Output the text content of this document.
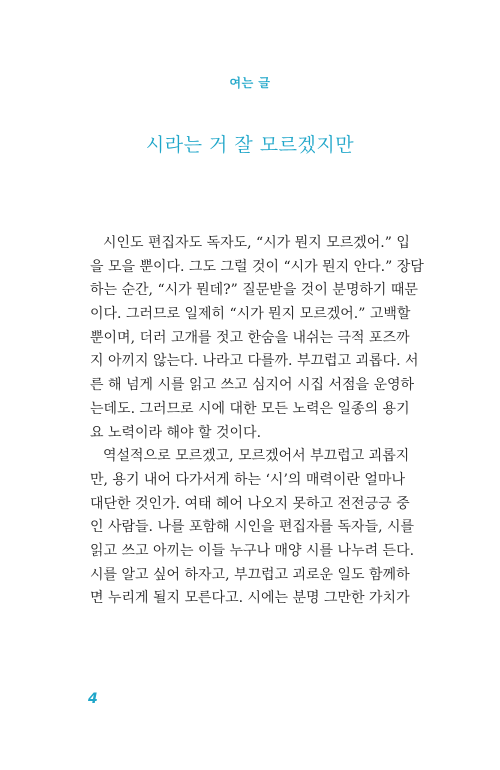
여는 글
시라는 거 잘 모르겠지만
시인도 편집자도 독자도, “시가 뭔지 모르겠어.” 입
을 모을 뿐이다. 그도 그럴 것이 “시가 뭔지 안다.” 장담
하는 순간, “시가 뭔데?” 질문받을 것이 분명하기 때문
이다. 그러므로 일제히 “시가 뭔지 모르겠어.” 고백할
뿐이며, 더러 고개를 젓고 한숨을 내쉬는 극적 포즈까
지 아끼지 않는다. 나라고 다를까. 부끄럽고 괴롭다. 서
른 해 넘게 시를 읽고 쓰고 심지어 시집 서점을 운영하
는데도. 그러므로 시에 대한 모든 노력은 일종의 용기
요 노력이라 해야 할 것이다.
역설적으로 모르겠고, 모르겠어서 부끄럽고 괴롭지
만, 용기 내어 다가서게 하는 ‘시’의 매력이란 얼마나
대단한 것인가. 여태 헤어 나오지 못하고 전전긍긍 중
인 사람들. 나를 포함해 시인을 편집자를 독자들, 시를
읽고 쓰고 아끼는 이들 누구나 매양 시를 나누려 든다.
시를 알고 싶어 하자고, 부끄럽고 괴로운 일도 함께하
면 누리게 될지 모른다고. 시에는 분명 그만한 가치가
4
